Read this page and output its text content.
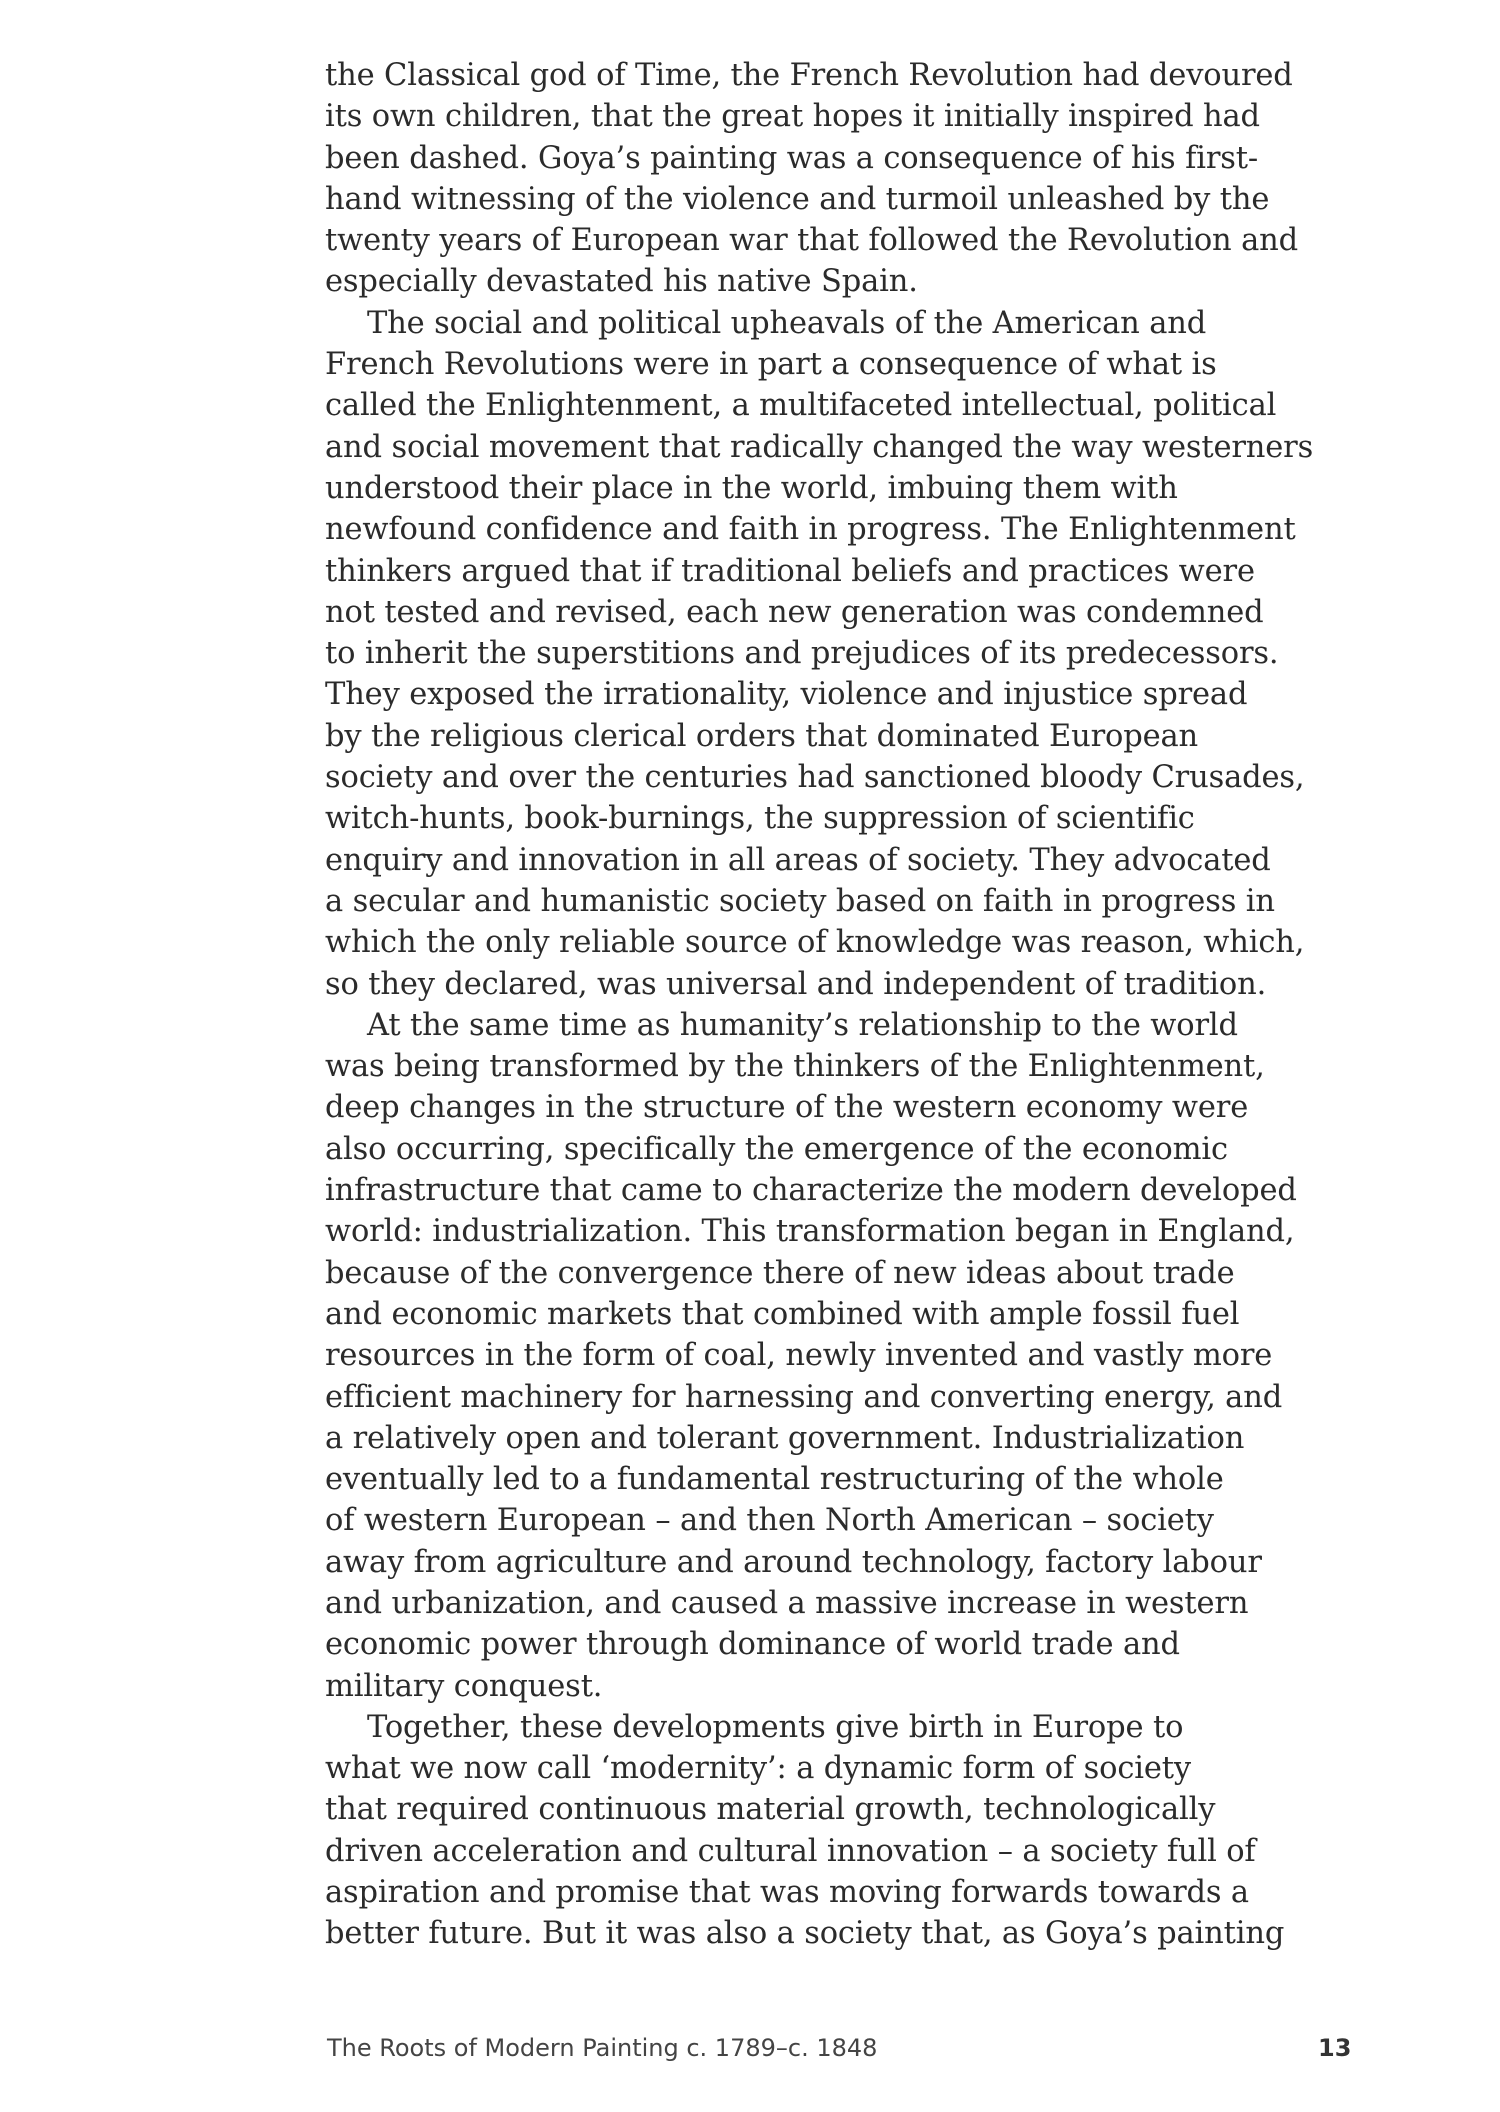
the Classical god of Time, the French Revolution had devoured
its own children, that the great hopes it initially inspired had
been dashed. Goya’s painting was a consequence of his first-
hand witnessing of the violence and turmoil unleashed by the
twenty years of European war that followed the Revolution and
especially devastated his native Spain.
The social and political upheavals of the American and
French Revolutions were in part a consequence of what is
called the Enlightenment, a multifaceted intellectual, political
and social movement that radically changed the way westerners
understood their place in the world, imbuing them with
newfound confidence and faith in progress. The Enlightenment
thinkers argued that if traditional beliefs and practices were
not tested and revised, each new generation was condemned
to inherit the superstitions and prejudices of its predecessors.
They exposed the irrationality, violence and injustice spread
by the religious clerical orders that dominated European
society and over the centuries had sanctioned bloody Crusades,
witch-hunts, book-burnings, the suppression of scientific
enquiry and innovation in all areas of society. They advocated
a secular and humanistic society based on faith in progress in
which the only reliable source of knowledge was reason, which,
so they declared, was universal and independent of tradition.
At the same time as humanity’s relationship to the world
was being transformed by the thinkers of the Enlightenment,
deep changes in the structure of the western economy were
also occurring, specifically the emergence of the economic
infrastructure that came to characterize the modern developed
world: industrialization. This transformation began in England,
because of the convergence there of new ideas about trade
and economic markets that combined with ample fossil fuel
resources in the form of coal, newly invented and vastly more
efficient machinery for harnessing and converting energy, and
a relatively open and tolerant government. Industrialization
eventually led to a fundamental restructuring of the whole
of western European – and then North American – society
away from agriculture and around technology, factory labour
and urbanization, and caused a massive increase in western
economic power through dominance of world trade and
military conquest.
Together, these developments give birth in Europe to
what we now call ‘modernity’: a dynamic form of society
that required continuous material growth, technologically
driven acceleration and cultural innovation – a society full of
aspiration and promise that was moving forwards towards a
better future. But it was also a society that, as Goya’s painting
The Roots of Modern Painting c. 1789–c. 1848	13
